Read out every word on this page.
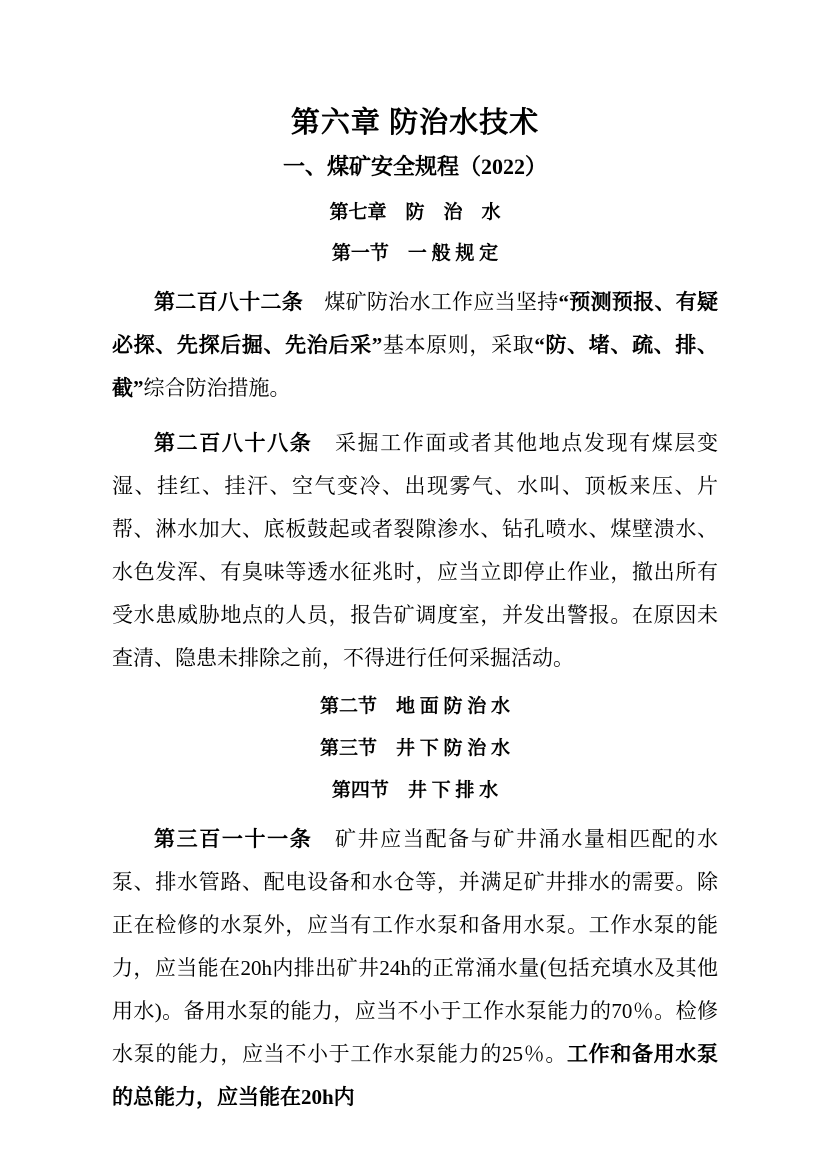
第六章 防治水技术
一、煤矿安全规程（2022）
第七章　防　治　水
第一节　一 般 规 定

第二百八十二条　煤矿防治水工作应当坚持“预测预报、有疑必探、先探后掘、先治后采”基本原则，采取“防、堵、疏、排、截”综合防治措施。

第二百八十八条　采掘工作面或者其他地点发现有煤层变湿、挂红、挂汗、空气变冷、出现雾气、水叫、顶板来压、片帮、淋水加大、底板鼓起或者裂隙渗水、钻孔喷水、煤壁溃水、水色发浑、有臭味等透水征兆时，应当立即停止作业，撤出所有受水患威胁地点的人员，报告矿调度室，并发出警报。在原因未查清、隐患未排除之前，不得进行任何采掘活动。

第二节　地 面 防 治 水
第三节　井 下 防 治 水
第四节　井 下 排 水

第三百一十一条　矿井应当配备与矿井涌水量相匹配的水泵、排水管路、配电设备和水仓等，并满足矿井排水的需要。除正在检修的水泵外，应当有工作水泵和备用水泵。工作水泵的能力，应当能在20h内排出矿井24h的正常涌水量(包括充填水及其他用水)。备用水泵的能力，应当不小于工作水泵能力的70％。检修水泵的能力，应当不小于工作水泵能力的25％。工作和备用水泵的总能力，应当能在20h内
